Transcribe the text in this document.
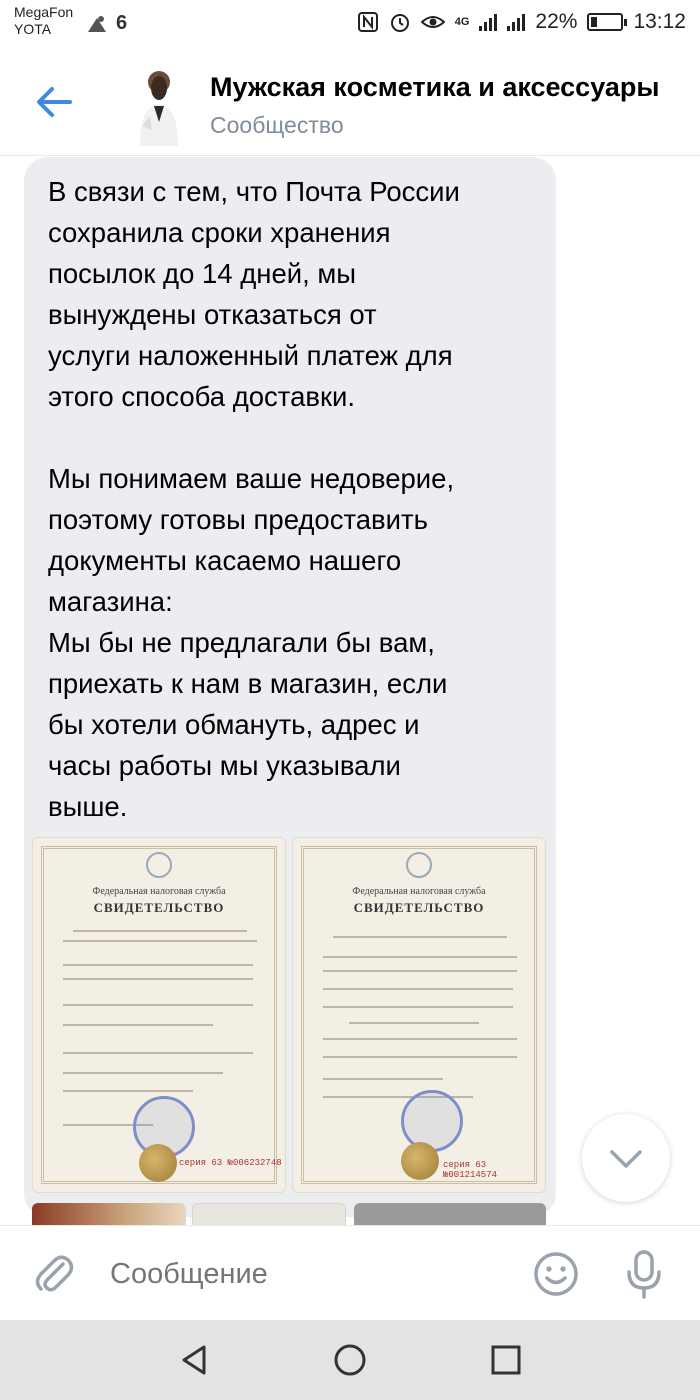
MegaFon
YOTA	6	4G	22%	13:12
Мужская косметика и аксессуары
Сообщество
В связи с тем, что Почта России
сохранила сроки хранения
посылок до 14 дней, мы
вынуждены отказаться от
услуги наложенный платеж для
этого способа доставки.

Мы понимаем ваше недоверие,
поэтому готовы предоставить
документы касаемо нашего
магазина:
Мы бы не предлагали бы вам,
приехать к нам в магазин, если
бы хотели обмануть, адрес и
часы работы мы указывали
выше.
Федеральная налоговая служба
СВИДЕТЕЛЬСТВО
серия 63 №006232748
Федеральная налоговая служба
СВИДЕТЕЛЬСТВО
серия 63 №001214574
Сообщение
